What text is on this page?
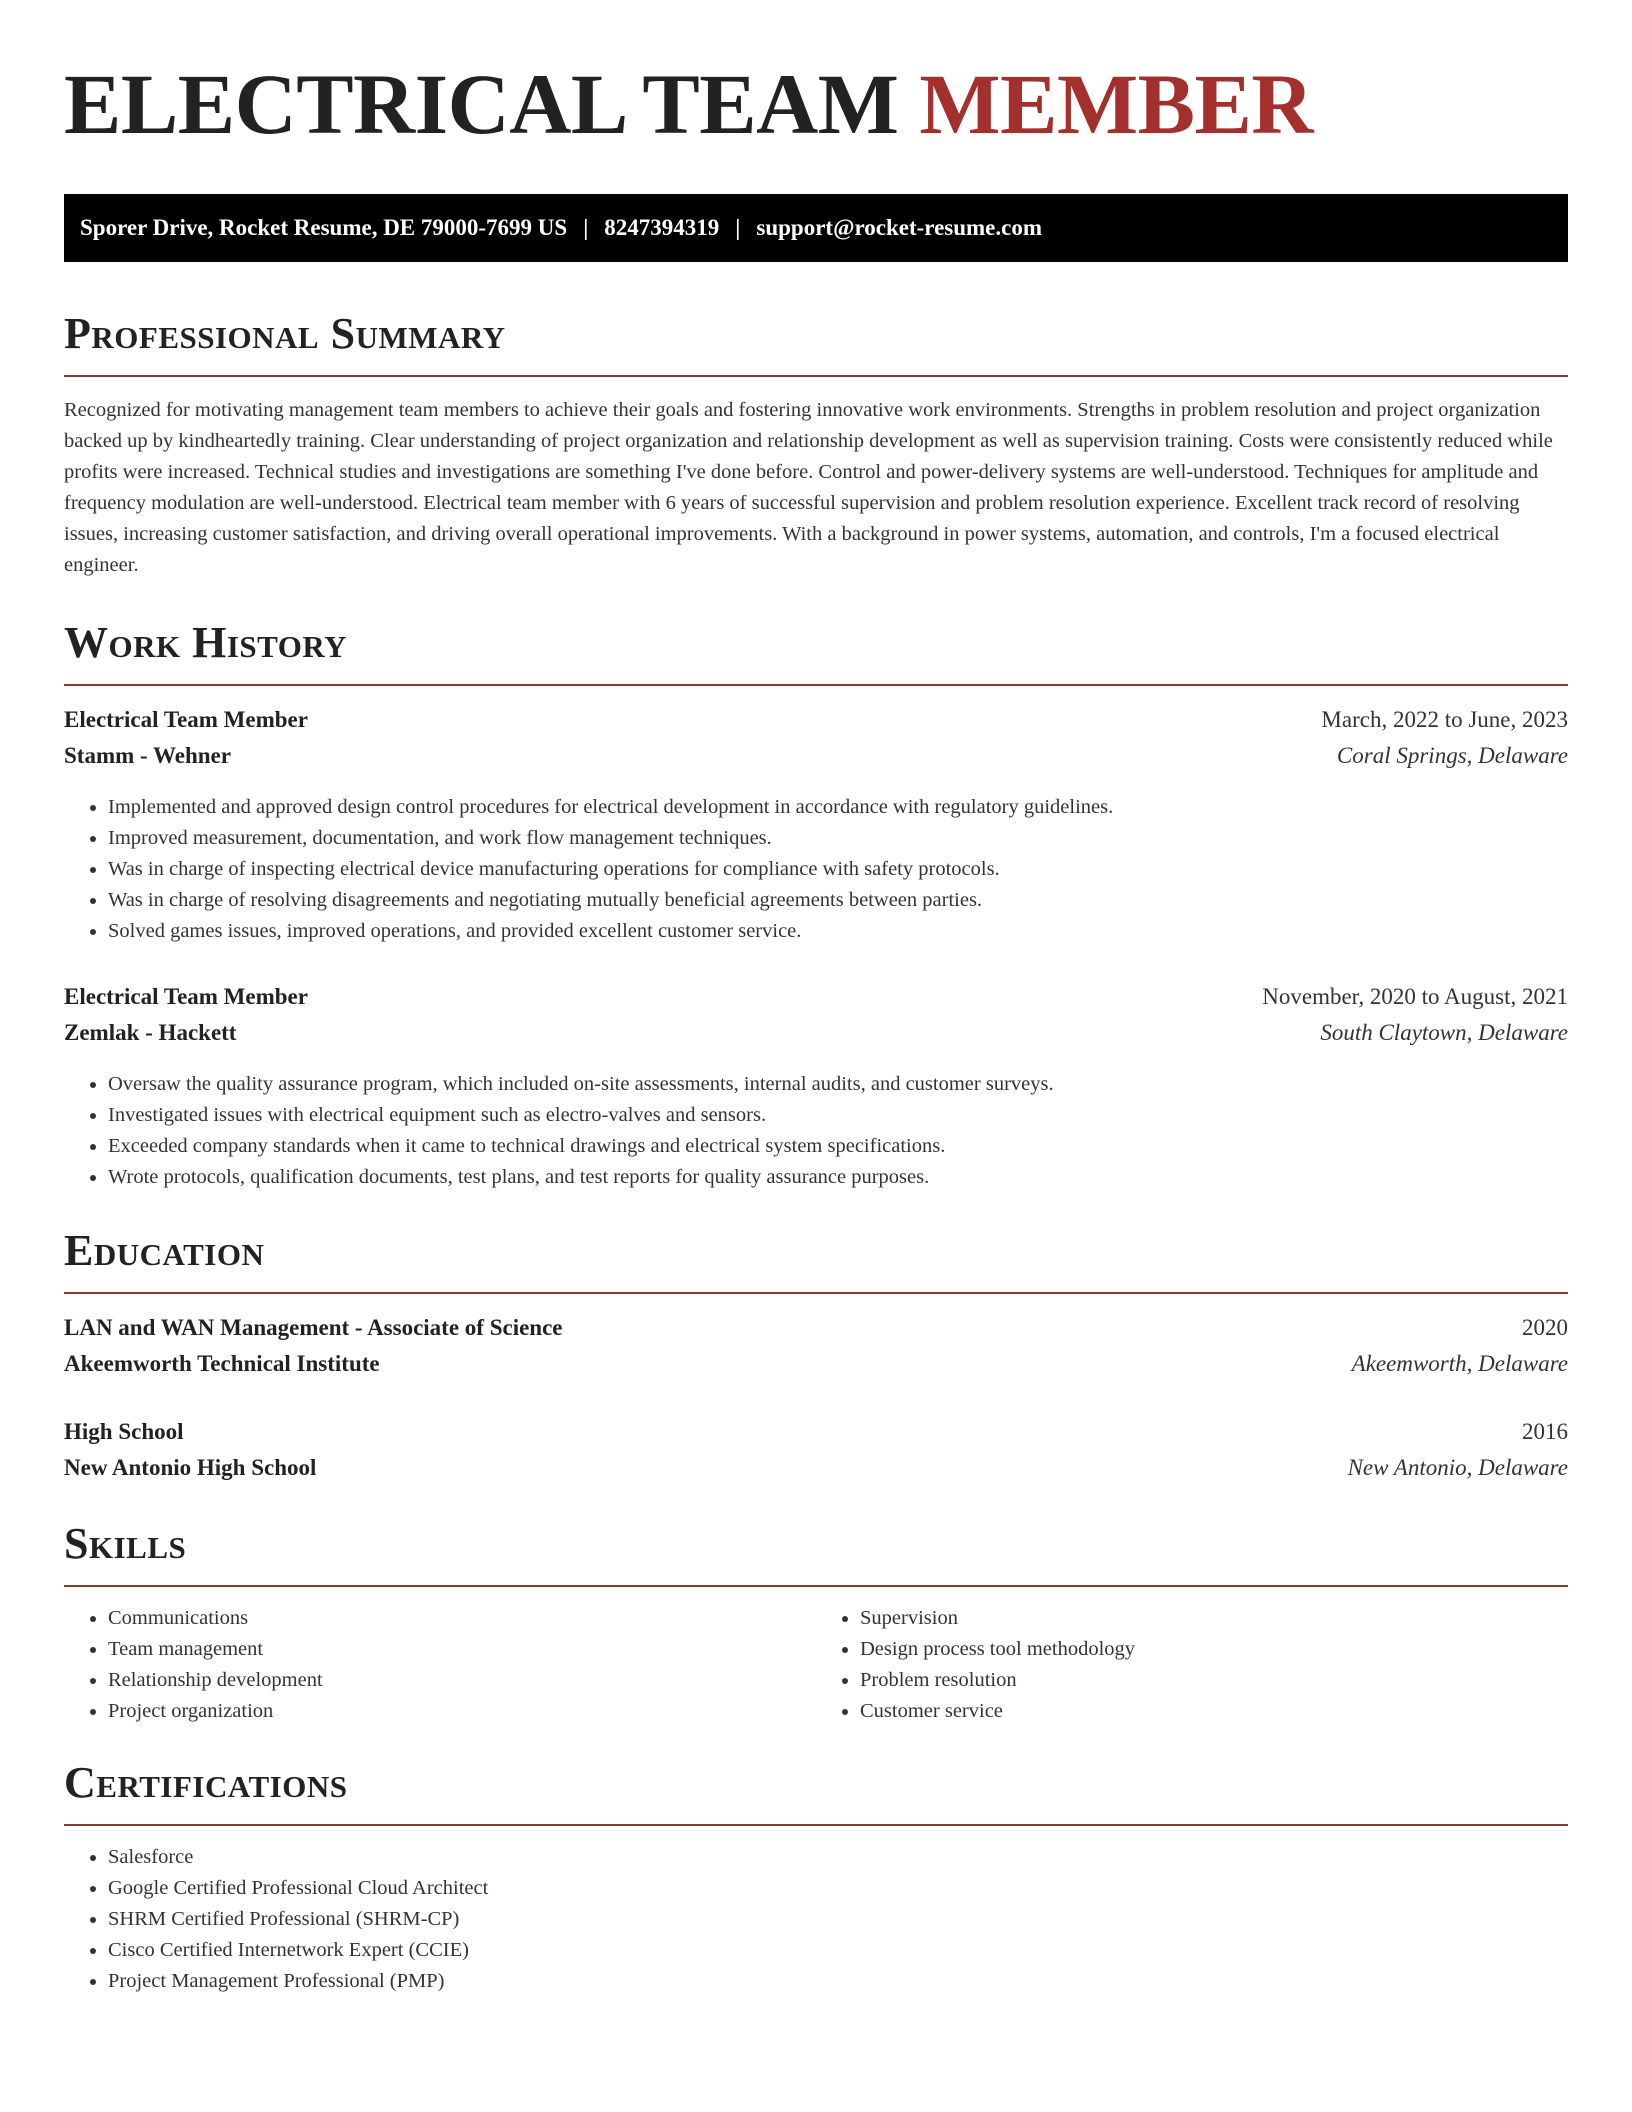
ELECTRICAL TEAM MEMBER
Sporer Drive, Rocket Resume, DE 79000-7699 US | 8247394319 | support@rocket-resume.com
Professional Summary

Recognized for motivating management team members to achieve their goals and fostering innovative work environments. Strengths in problem resolution and project organization backed up by kindheartedly training. Clear understanding of project organization and relationship development as well as supervision training. Costs were consistently reduced while profits were increased. Technical studies and investigations are something I've done before. Control and power-delivery systems are well-understood. Techniques for amplitude and frequency modulation are well-understood. Electrical team member with 6 years of successful supervision and problem resolution experience. Excellent track record of resolving issues, increasing customer satisfaction, and driving overall operational improvements. With a background in power systems, automation, and controls, I'm a focused electrical engineer.

Work History
Electrical Team Member	March, 2022 to June, 2023
Stamm - Wehner	Coral Springs, Delaware
• Implemented and approved design control procedures for electrical development in accordance with regulatory guidelines.
• Improved measurement, documentation, and work flow management techniques.
• Was in charge of inspecting electrical device manufacturing operations for compliance with safety protocols.
• Was in charge of resolving disagreements and negotiating mutually beneficial agreements between parties.
• Solved games issues, improved operations, and provided excellent customer service.
Electrical Team Member	November, 2020 to August, 2021
Zemlak - Hackett	South Claytown, Delaware
• Oversaw the quality assurance program, which included on-site assessments, internal audits, and customer surveys.
• Investigated issues with electrical equipment such as electro-valves and sensors.
• Exceeded company standards when it came to technical drawings and electrical system specifications.
• Wrote protocols, qualification documents, test plans, and test reports for quality assurance purposes.
Education
LAN and WAN Management - Associate of Science	2020
Akeemworth Technical Institute	Akeemworth, Delaware
High School	2016
New Antonio High School	New Antonio, Delaware
Skills
• Communications
• Team management
• Relationship development
• Project organization
• Supervision
• Design process tool methodology
• Problem resolution
• Customer service
Certifications
• Salesforce
• Google Certified Professional Cloud Architect
• SHRM Certified Professional (SHRM-CP)
• Cisco Certified Internetwork Expert (CCIE)
• Project Management Professional (PMP)
